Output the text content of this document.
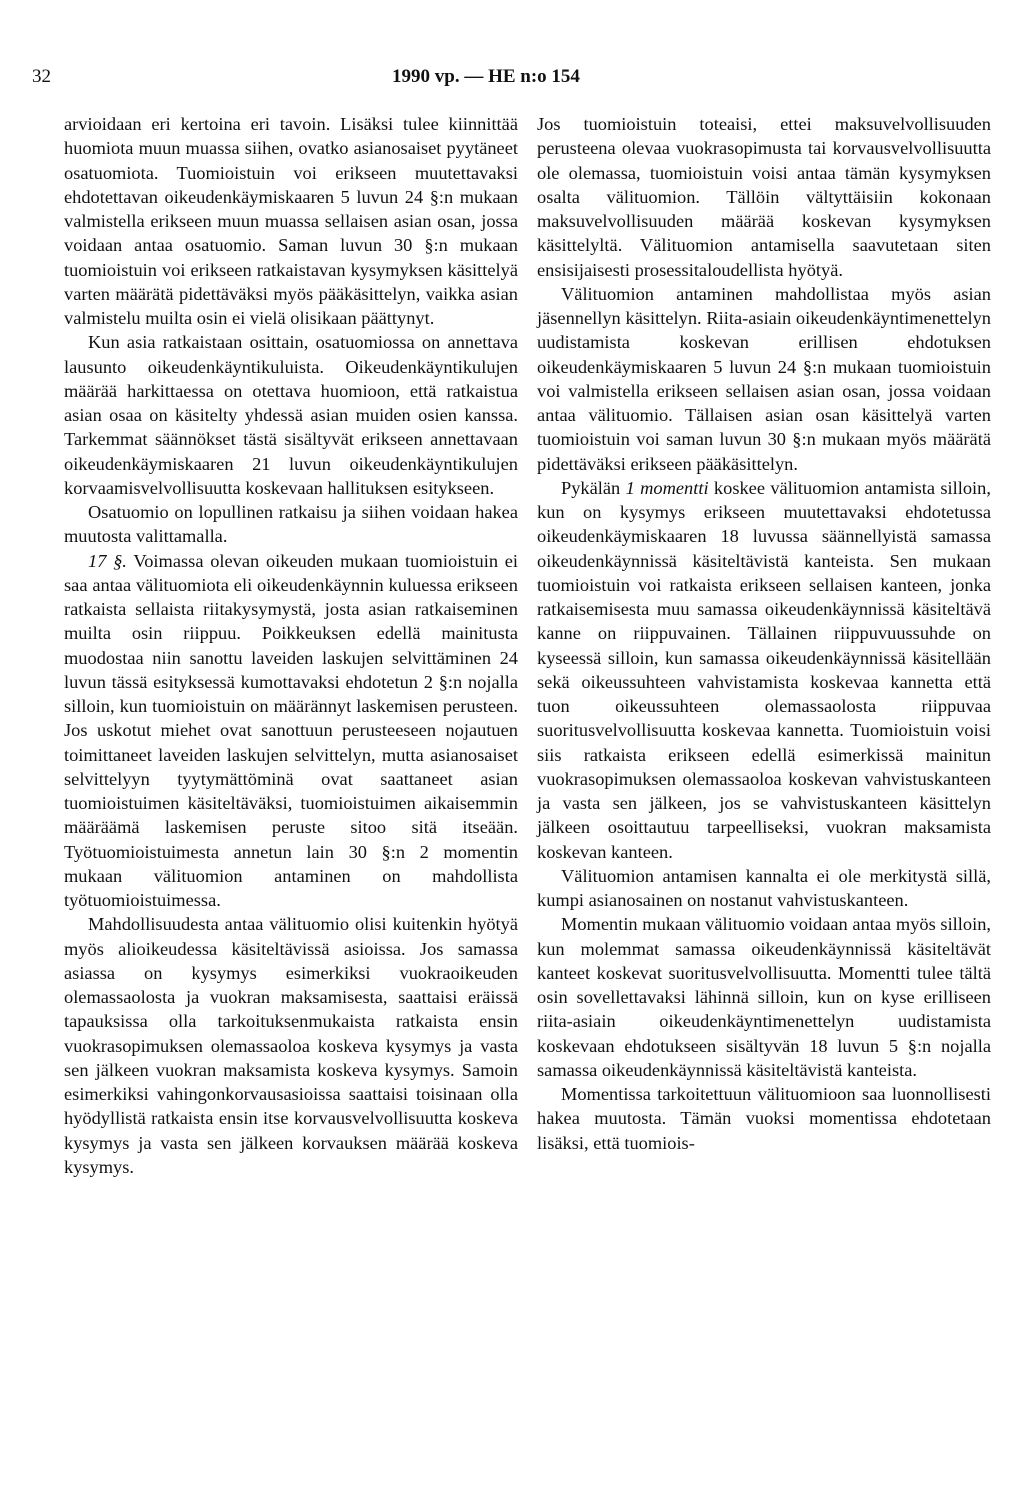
32	1990 vp. — HE n:o 154

arvioidaan eri kertoina eri tavoin. Lisäksi tulee kiinnittää huomiota muun muassa siihen, ovatko asianosaiset pyytäneet osatuomiota. Tuomioistuin voi erikseen muutettavaksi ehdotettavan oikeudenkäymiskaaren 5 luvun 24 §:n mukaan valmistella erikseen muun muassa sellaisen asian osan, jossa voidaan antaa osatuomio. Saman luvun 30 §:n mukaan tuomioistuin voi erikseen ratkaistavan kysymyksen käsittelyä varten määrätä pidettäväksi myös pääkäsittelyn, vaikka asian valmistelu muilta osin ei vielä olisikaan päättynyt.

Kun asia ratkaistaan osittain, osatuomiossa on annettava lausunto oikeudenkäyntikuluista. Oikeudenkäyntikulujen määrää harkittaessa on otettava huomioon, että ratkaistua asian osaa on käsitelty yhdessä asian muiden osien kanssa. Tarkemmat säännökset tästä sisältyvät erikseen annettavaan oikeudenkäymiskaaren 21 luvun oikeudenkäyntikulujen korvaamisvelvollisuutta koskevaan hallituksen esitykseen.

Osatuomio on lopullinen ratkaisu ja siihen voidaan hakea muutosta valittamalla.

17 §. Voimassa olevan oikeuden mukaan tuomioistuin ei saa antaa välituomiota eli oikeudenkäynnin kuluessa erikseen ratkaista sellaista riitakysymystä, josta asian ratkaiseminen muilta osin riippuu. Poikkeuksen edellä mainitusta muodostaa niin sanottu laveiden laskujen selvittäminen 24 luvun tässä esityksessä kumottavaksi ehdotetun 2 §:n nojalla silloin, kun tuomioistuin on määrännyt laskemisen perusteen. Jos uskotut miehet ovat sanottuun perusteeseen nojautuen toimittaneet laveiden laskujen selvittelyn, mutta asianosaiset selvittelyyn tyytymättöminä ovat saattaneet asian tuomioistuimen käsiteltäväksi, tuomioistuimen aikaisemmin määräämä laskemisen peruste sitoo sitä itseään. Työtuomioistuimesta annetun lain 30 §:n 2 momentin mukaan välituomion antaminen on mahdollista työtuomioistuimessa.

Mahdollisuudesta antaa välituomio olisi kuitenkin hyötyä myös alioikeudessa käsiteltävissä asioissa. Jos samassa asiassa on kysymys esimerkiksi vuokraoikeuden olemassaolosta ja vuokran maksamisesta, saattaisi eräissä tapauksissa olla tarkoituksenmukaista ratkaista ensin vuokrasopimuksen olemassaoloa koskeva kysymys ja vasta sen jälkeen vuokran maksamista koskeva kysymys. Samoin esimerkiksi vahingonkorvausasioissa saattaisi toisinaan olla hyödyllistä ratkaista ensin itse korvausvelvollisuutta koskeva kysymys ja vasta sen jälkeen korvauksen määrää koskeva kysymys.

Jos tuomioistuin toteaisi, ettei maksuvelvollisuuden perusteena olevaa vuokrasopimusta tai korvausvelvollisuutta ole olemassa, tuomioistuin voisi antaa tämän kysymyksen osalta välituomion. Tällöin vältyttäisiin kokonaan maksuvelvollisuuden määrää koskevan kysymyksen käsittelyltä. Välituomion antamisella saavutetaan siten ensisijaisesti prosessitaloudellista hyötyä.

Välituomion antaminen mahdollistaa myös asian jäsennellyn käsittelyn. Riita-asiain oikeudenkäyntimenettelyn uudistamista koskevan erillisen ehdotuksen oikeudenkäymiskaaren 5 luvun 24 §:n mukaan tuomioistuin voi valmistella erikseen sellaisen asian osan, jossa voidaan antaa välituomio. Tällaisen asian osan käsittelyä varten tuomioistuin voi saman luvun 30 §:n mukaan myös määrätä pidettäväksi erikseen pääkäsittelyn.

Pykälän 1 momentti koskee välituomion antamista silloin, kun on kysymys erikseen muutettavaksi ehdotetussa oikeudenkäymiskaaren 18 luvussa säännellyistä samassa oikeudenkäynnissä käsiteltävistä kanteista. Sen mukaan tuomioistuin voi ratkaista erikseen sellaisen kanteen, jonka ratkaisemisesta muu samassa oikeudenkäynnissä käsiteltävä kanne on riippuvainen. Tällainen riippuvuussuhde on kyseessä silloin, kun samassa oikeudenkäynnissä käsitellään sekä oikeussuhteen vahvistamista koskevaa kannetta että tuon oikeussuhteen olemassaolosta riippuvaa suoritusvelvollisuutta koskevaa kannetta. Tuomioistuin voisi siis ratkaista erikseen edellä esimerkissä mainitun vuokrasopimuksen olemassaoloa koskevan vahvistuskanteen ja vasta sen jälkeen, jos se vahvistuskanteen käsittelyn jälkeen osoittautuu tarpeelliseksi, vuokran maksamista koskevan kanteen.

Välituomion antamisen kannalta ei ole merkitystä sillä, kumpi asianosainen on nostanut vahvistuskanteen.

Momentin mukaan välituomio voidaan antaa myös silloin, kun molemmat samassa oikeudenkäynnissä käsiteltävät kanteet koskevat suoritusvelvollisuutta. Momentti tulee tältä osin sovellettavaksi lähinnä silloin, kun on kyse erilliseen riita-asiain oikeudenkäyntimenettelyn uudistamista koskevaan ehdotukseen sisältyvän 18 luvun 5 §:n nojalla samassa oikeudenkäynnissä käsiteltävistä kanteista.

Momentissa tarkoitettuun välituomioon saa luonnollisesti hakea muutosta. Tämän vuoksi momentissa ehdotetaan lisäksi, että tuomiois-
